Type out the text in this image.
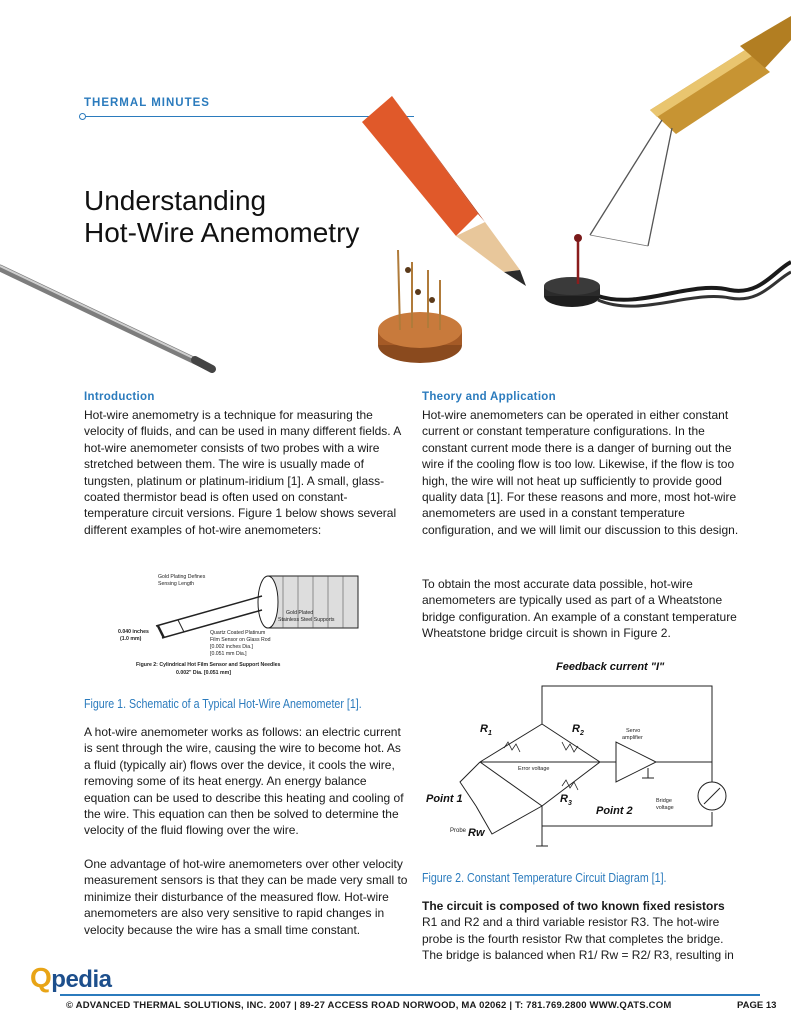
THERMAL MINUTES
Understanding
Hot-Wire Anemometry
Introduction

Hot-wire anemometry is a technique for measuring the velocity of fluids, and can be used in many different fields. A hot-wire anemometer consists of two probes with a wire stretched between them. The wire is usually made of tungsten, platinum or platinum-iridium [1]. A small, glass-coated thermistor bead is often used on constant-temperature circuit versions. Figure 1 below shows several different examples of hot-wire anemometers:

Gold Plating Defines
Sensing Length
Gold Plated
Stainless Steel Supports
0.040 inches
(1.0 mm)
Quartz Coated Platinum
Film Sensor on Glass Rod
[0.002 inches Dia.]
[0.051 mm Dia.]
Figure 2: Cylindrical Hot Film Sensor and Support Needles
0.002" Dia. [0.051 mm]
Figure 1. Schematic of a Typical Hot-Wire Anemometer [1].

A hot-wire anemometer works as follows: an electric current is sent through the wire, causing the wire to become hot. As a fluid (typically air) flows over the device, it cools the wire, removing some of its heat energy. An energy balance equation can be used to describe this heating and cooling of the wire. This equation can then be solved to determine the velocity of the fluid flowing over the wire.

One advantage of hot-wire anemometers over other velocity measurement sensors is that they can be made very small to minimize their disturbance of the measured flow. Hot-wire anemometers are also very sensitive to rapid changes in velocity because the wire has a small time constant.

Theory and Application

Hot-wire anemometers can be operated in either constant current or constant temperature configurations. In the constant current mode there is a danger of burning out the wire if the cooling flow is too low. Likewise, if the flow is too high, the wire will not heat up sufficiently to provide good quality data [1]. For these reasons and more, most hot-wire anemometers are used in a constant temperature configuration, and we will limit our discussion to this design.

To obtain the most accurate data possible, hot-wire anemometers are typically used as part of a Wheatstone bridge configuration. An example of a constant temperature Wheatstone bridge circuit is shown in Figure 2.

Feedback current "I"
$R_1$	$R_2$
$R_3$
Servo
amplifier
Error voltage
Point 1
Point 2
Bridge
voltage
Probe Rw
Figure 2. Constant Temperature Circuit Diagram [1].
The circuit is composed of two known fixed resistors
R1 and R2 and a third variable resistor R3. The hot-wire
probe is the fourth resistor Rw that completes the bridge.
The bridge is balanced when R1/ Rw = R2/ R3, resulting in
Qpedia
© ADVANCED THERMAL SOLUTIONS, INC. 2007 | 89-27 ACCESS ROAD NORWOOD, MA 02062 | T: 781.769.2800 WWW.QATS.COM	PAGE 13
